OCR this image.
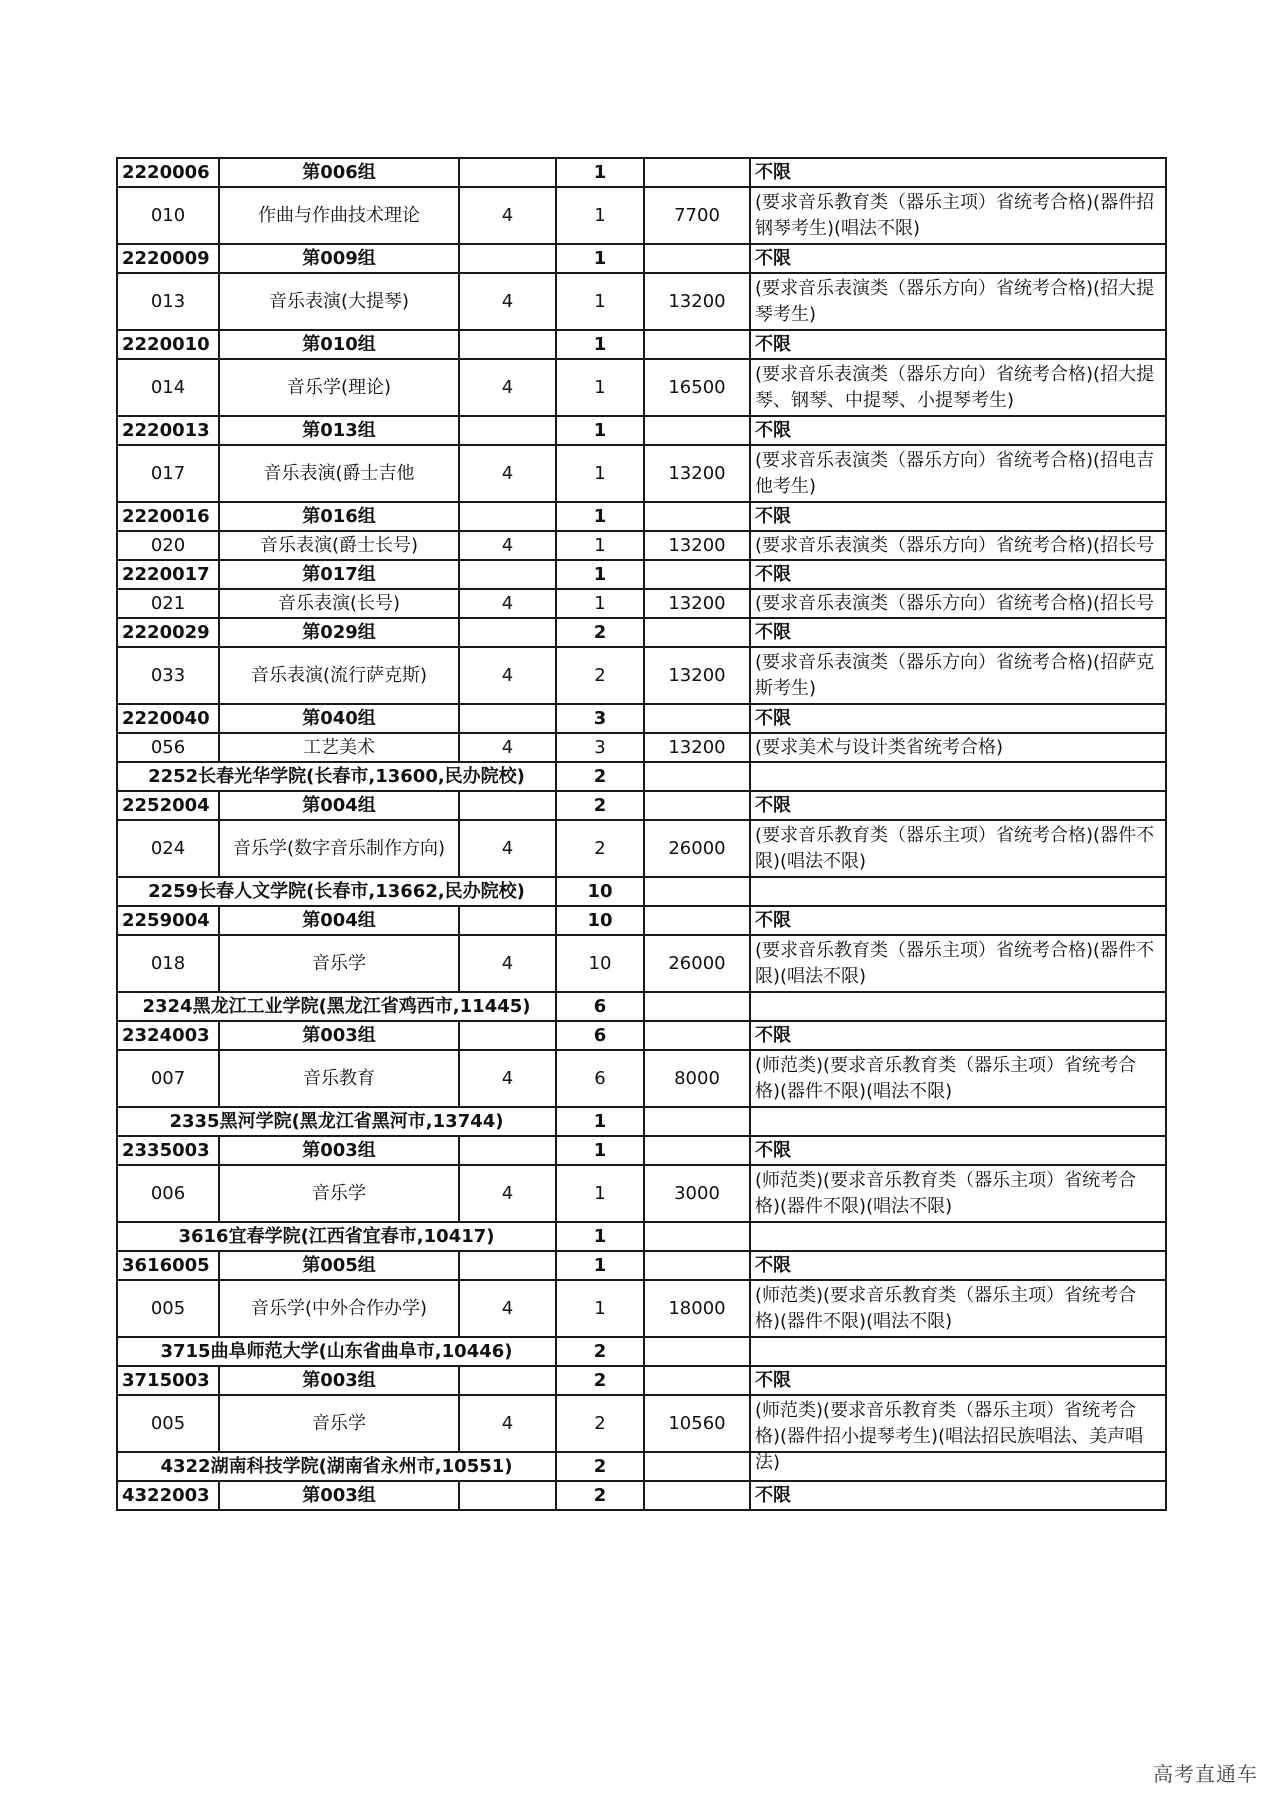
2220006	第006组		1		不限

010	作曲与作曲技术理论	4	1	7700	(要求音乐教育类（器乐主项）省统考合格)(器件招钢琴考生)(唱法不限)

2220009	第009组		1		不限

013	音乐表演(大提琴)	4	1	13200	(要求音乐表演类（器乐方向）省统考合格)(招大提琴考生)

2220010	第010组		1		不限

014	音乐学(理论)	4	1	16500	(要求音乐表演类（器乐方向）省统考合格)(招大提琴、钢琴、中提琴、小提琴考生)

2220013	第013组		1		不限

017	音乐表演(爵士吉他	4	1	13200	(要求音乐表演类（器乐方向）省统考合格)(招电吉他考生)

2220016	第016组		1		不限

020	音乐表演(爵士长号)	4	1	13200	(要求音乐表演类（器乐方向）省统考合格)(招长号

2220017	第017组		1		不限

021	音乐表演(长号)	4	1	13200	(要求音乐表演类（器乐方向）省统考合格)(招长号

2220029	第029组		2		不限

033	音乐表演(流行萨克斯)	4	2	13200	(要求音乐表演类（器乐方向）省统考合格)(招萨克斯考生)

2220040	第040组		3		不限

056	工艺美术	4	3	13200	(要求美术与设计类省统考合格)

2252长春光华学院(长春市,13600,民办院校)			2		
2252004	第004组		2		不限

024	音乐学(数字音乐制作方向)	4	2	26000	(要求音乐教育类（器乐主项）省统考合格)(器件不限)(唱法不限)

2259长春人文学院(长春市,13662,民办院校)			10		
2259004	第004组		10		不限

018	音乐学	4	10	26000	(要求音乐教育类（器乐主项）省统考合格)(器件不限)(唱法不限)

2324黑龙江工业学院(黑龙江省鸡西市,11445)			6		
2324003	第003组		6		不限

007	音乐教育	4	6	8000	(师范类)(要求音乐教育类（器乐主项）省统考合格)(器件不限)(唱法不限)

2335黑河学院(黑龙江省黑河市,13744)			1		
2335003	第003组		1		不限

006	音乐学	4	1	3000	(师范类)(要求音乐教育类（器乐主项）省统考合格)(器件不限)(唱法不限)

3616宜春学院(江西省宜春市,10417)			1		
3616005	第005组		1		不限

005	音乐学(中外合作办学)	4	1	18000	(师范类)(要求音乐教育类（器乐主项）省统考合格)(器件不限)(唱法不限)

3715曲阜师范大学(山东省曲阜市,10446)			2		
3715003	第003组		2		不限

005	音乐学	4	2	10560	(师范类)(要求音乐教育类（器乐主项）省统考合格)(器件招小提琴考生)(唱法招民族唱法、美声唱法)

4322湖南科技学院(湖南省永州市,10551)			2		
4322003	第003组		2		不限
高考直通车
